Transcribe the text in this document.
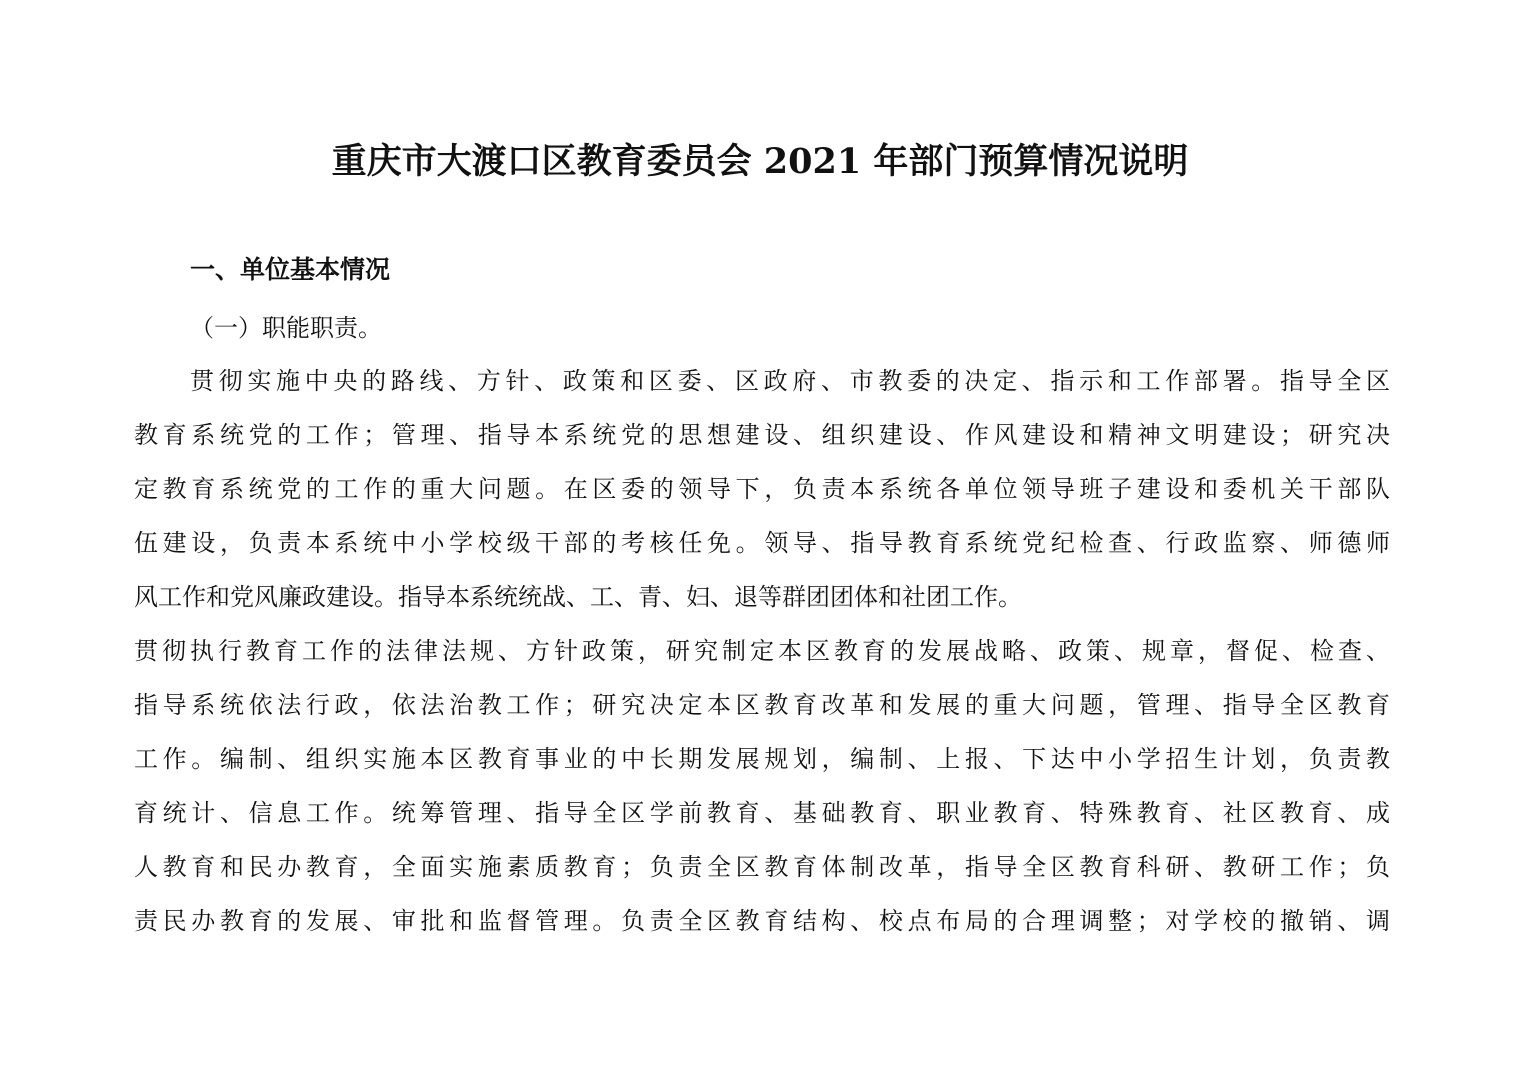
重庆市大渡口区教育委员会 2021 年部门预算情况说明
一、单位基本情况

（一）职能职责。

贯彻实施中央的路线、方针、政策和区委、区政府、市教委的决定、指示和工作部署。指导全区

教育系统党的工作；管理、指导本系统党的思想建设、组织建设、作风建设和精神文明建设；研究决

定教育系统党的工作的重大问题。在区委的领导下，负责本系统各单位领导班子建设和委机关干部队

伍建设，负责本系统中小学校级干部的考核任免。领导、指导教育系统党纪检查、行政监察、师德师

风工作和党风廉政建设。指导本系统统战、工、青、妇、退等群团团体和社团工作。

贯彻执行教育工作的法律法规、方针政策，研究制定本区教育的发展战略、政策、规章，督促、检查、

指导系统依法行政，依法治教工作；研究决定本区教育改革和发展的重大问题，管理、指导全区教育

工作。编制、组织实施本区教育事业的中长期发展规划，编制、上报、下达中小学招生计划，负责教

育统计、信息工作。统筹管理、指导全区学前教育、基础教育、职业教育、特殊教育、社区教育、成

人教育和民办教育，全面实施素质教育；负责全区教育体制改革，指导全区教育科研、教研工作；负

责民办教育的发展、审批和监督管理。负责全区教育结构、校点布局的合理调整；对学校的撤销、调
